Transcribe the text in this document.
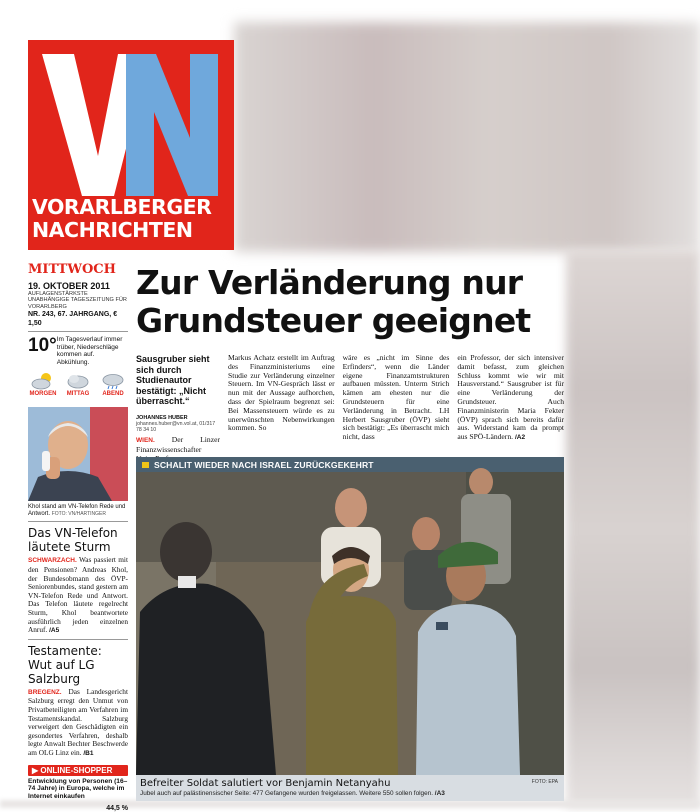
VORARLBERGER
NACHRICHTEN
MITTWOCH
19. OKTOBER 2011
AUFLAGENSTÄRKSTE UNABHÄNGIGE TAGESZEITUNG FÜR VORARLBERG
NR. 243, 67. JAHRGANG, € 1,50
10° Im Tagesverlauf immer trüber, Niederschläge kommen auf. Abkühlung.
MORGEN	MITTAG	ABEND
Khol stand am VN-Telefon Rede und Antwort. FOTO: VN/HARTINGER
Das VN-Telefon läutete Sturm
SCHWARZACH. Was passiert mit den Pensionen? Andreas Khol, der Bundesobmann des ÖVP-Seniorenbundes, stand gestern am VN-Telefon Rede und Antwort. Das Telefon läutete regelrecht Sturm, Khol beantwortete ausführlich jeden einzelnen Anruf. /A5
Testamente: Wut auf LG Salzburg
BREGENZ. Das Landesgericht Salzburg erregt den Unmut von Privatbeteiligten am Verfahren im Testamentskandal. Salzburg verweigert den Geschädigten ein gesondertes Verfahren, deshalb legte Anwalt Bechter Beschwerde am OLG Linz ein. /B1
▶ ONLINE-SHOPPER
Entwicklung von Personen (16–74 Jahre) in Europa, welche im Internet einkaufen
44,5 %
Zur Verländerung nur
Grundsteuer geeignet
Sausgruber sieht sich durch Studienautor bestätigt: „Nicht überrascht.“
JOHANNES HUBER
johannes.huber@vn.vol.at, 01/317 78 34 10
WIEN. Der Linzer Finanzwissenschafter
Markus Achatz erstellt im Auftrag des Finanzministeriums eine Studie zur Verländerung einzelner Steuern. Im VN-Gespräch lässt er nun mit der Aussage aufhorchen, dass der Spielraum begrenzt sei: Bei Massensteuern würde es zu unerwünschten Nebenwirkungen kommen. So
wäre es „nicht im Sinne des Erfinders“, wenn die Länder eigene Finanzamtstrukturen aufbauen müssten. Unterm Strich kämen am ehesten nur die Grundsteuern für eine Verländerung in Betracht. LH Herbert Sausgruber (ÖVP) sieht sich bestätigt: „Es überrascht mich nicht, dass
ein Professor, der sich intensiver damit befasst, zum gleichen Schluss kommt wie wir mit Hausverstand.“ Sausgruber ist für eine Verländerung der Grundsteuer. Auch Finanzministerin Maria Fekter (ÖVP) sprach sich bereits dafür aus. Widerstand kam da prompt aus SPÖ-Ländern. /A2
SCHALIT WIEDER NACH ISRAEL ZURÜCKGEKEHRT
Befreiter Soldat salutiert vor Benjamin Netanyahu	FOTO: EPA
Jubel auch auf palästinensischer Seite: 477 Gefangene wurden freigelassen. Weitere 550 sollen folgen. /A3
